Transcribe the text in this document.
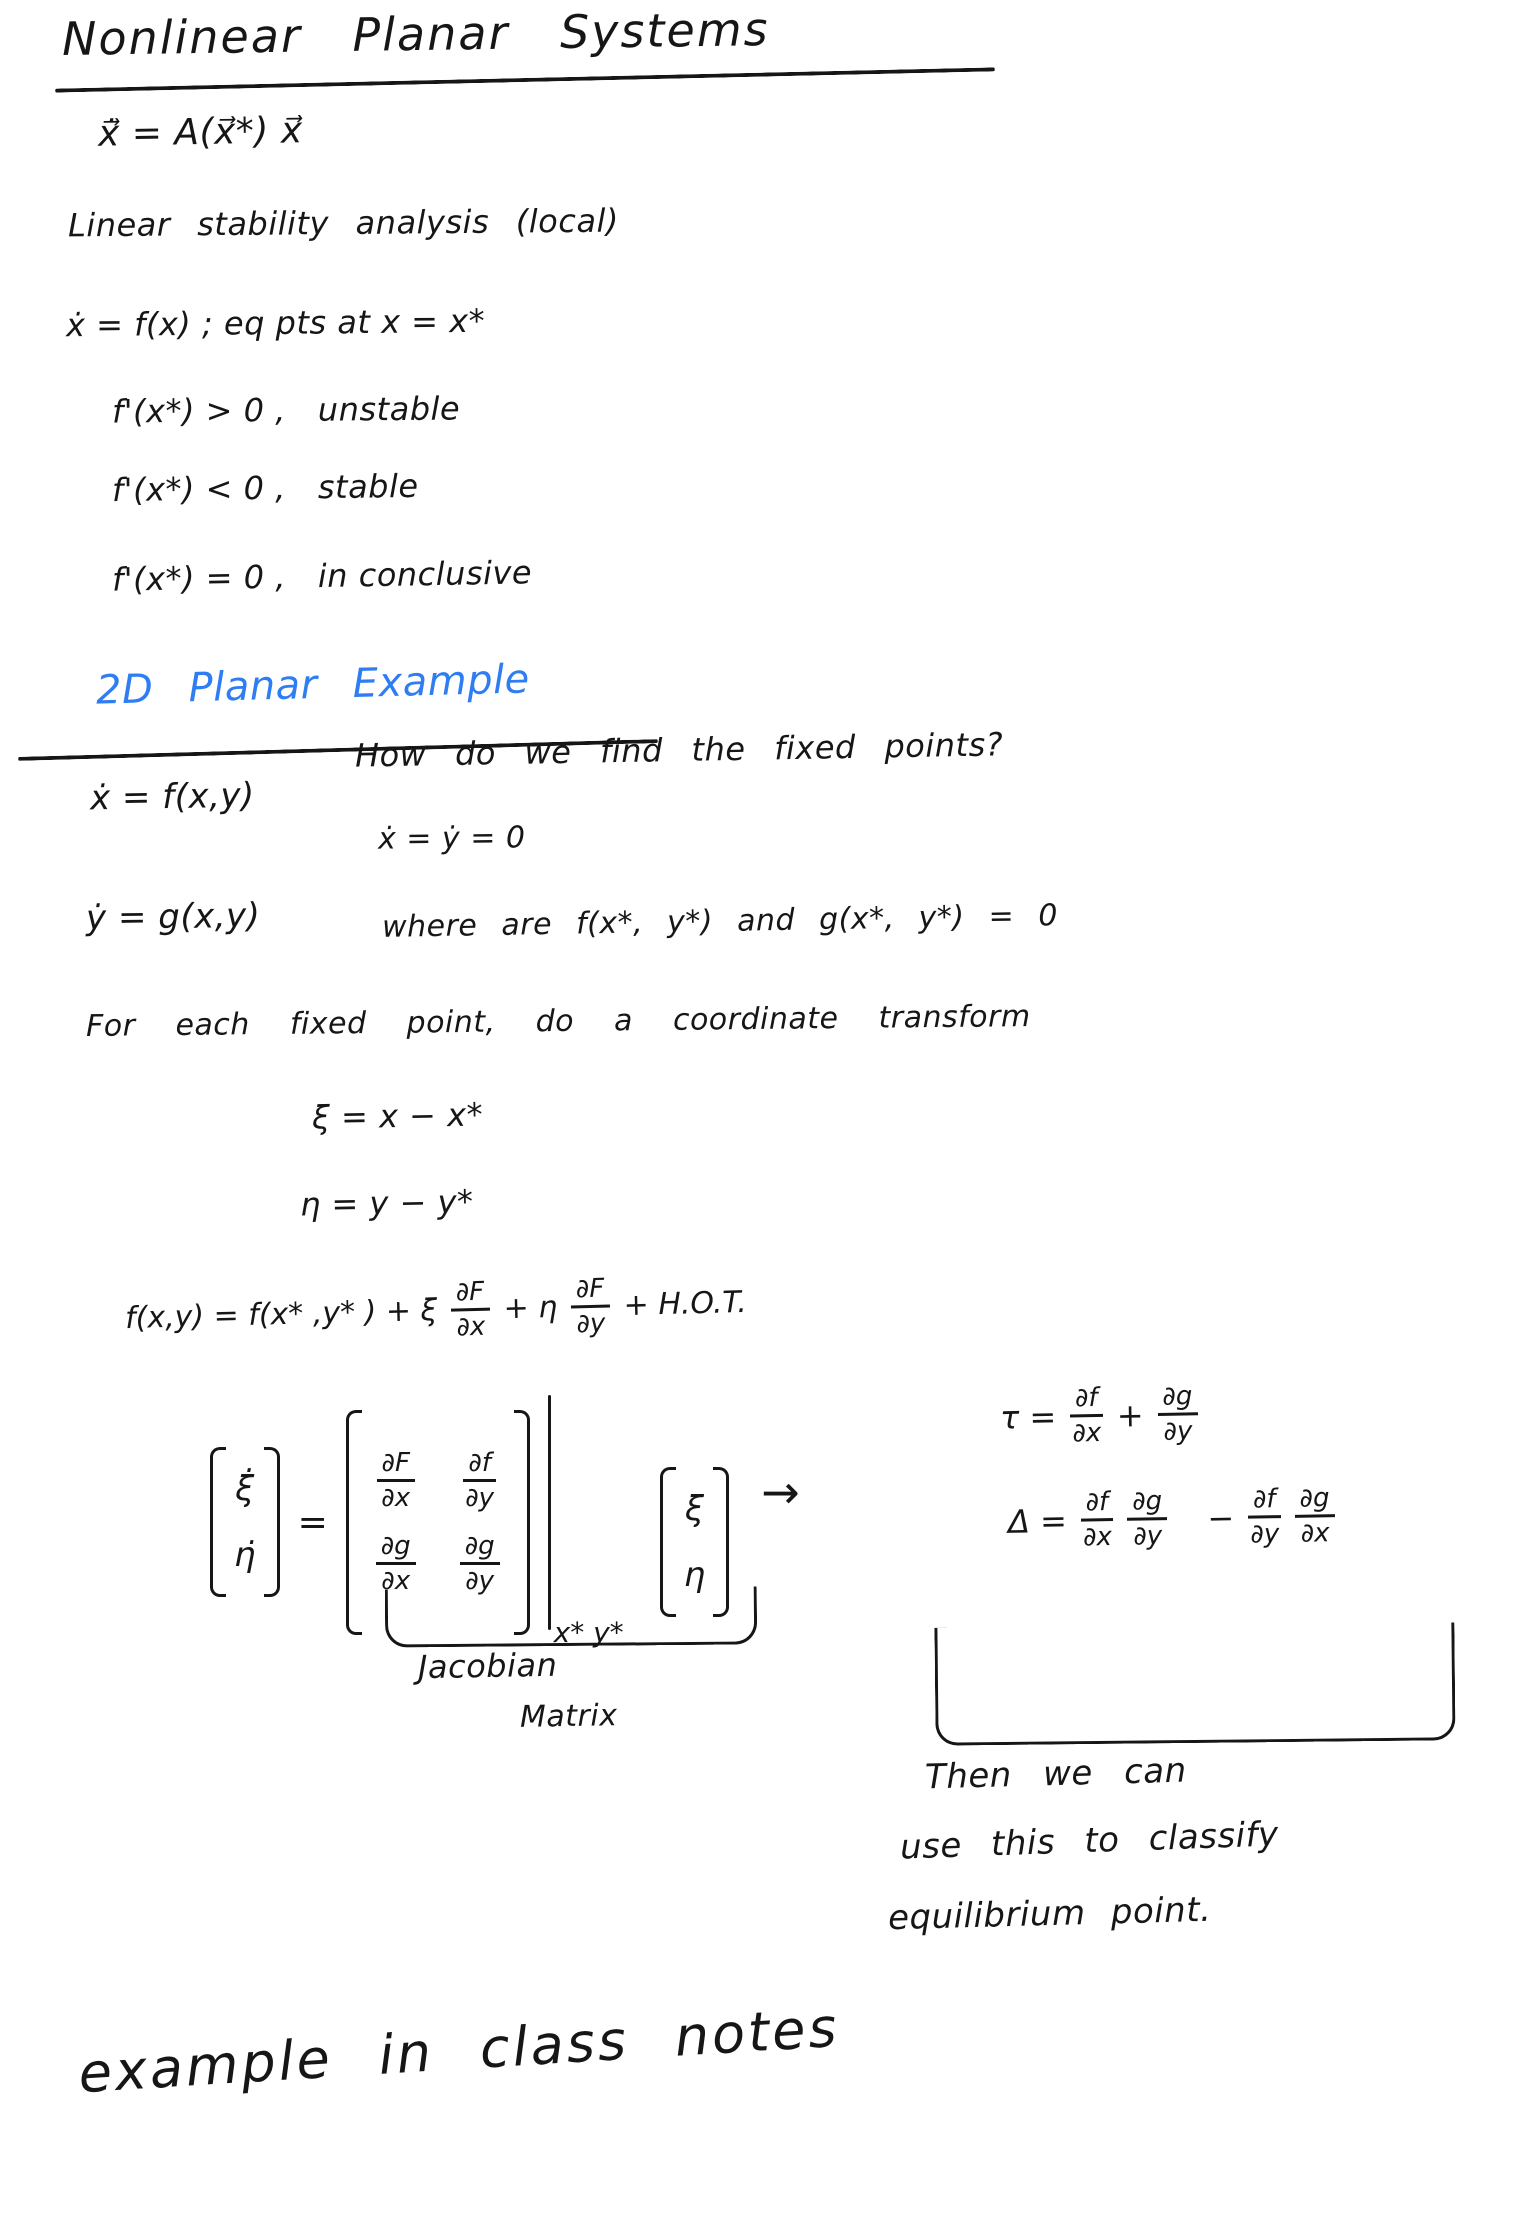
Nonlinear Planar Systems
x⃗̇ = A(x⃗*) x⃗
Linear stability analysis (local)
ẋ = f(x) ; eq pts at x = x*
f'(x*) > 0 , unstable
f'(x*) < 0 , stable
f'(x*) = 0 , in conclusive
2D Planar Example
ẋ = f(x,y)
How do we find the fixed points?
ẋ = ẏ = 0
ẏ = g(x,y)	where are f(x*, y*) and g(x*, y*) = 0
For each fixed point, do a coordinate transform
ξ = x − x*
η = y − y*
f(x,y) = f(x* ,y* ) + ξ $\frac{\partial F}{\partial x} + \eta \frac{\partial F}{\partial y} + H.O.T$.
ξ̇
η̇
=
$\frac{\partial F}{\partial x} \frac{\partial f}{\partial y}$
$\frac{\partial g}{\partial x} \frac{\partial g}{\partial y}$
x* y*
ξ
η
→
$\tau = \frac{\partial f}{\partial x} + \frac{\partial g}{\partial y}$
$\Delta = \frac{\partial f}{\partial x} \frac{\partial g}{\partial y} - \frac{\partial f}{\partial y} \frac{\partial g}{\partial x}$
Jacobian
Matrix
Then we can
use this to classify
equilibrium point.
example in class notes
